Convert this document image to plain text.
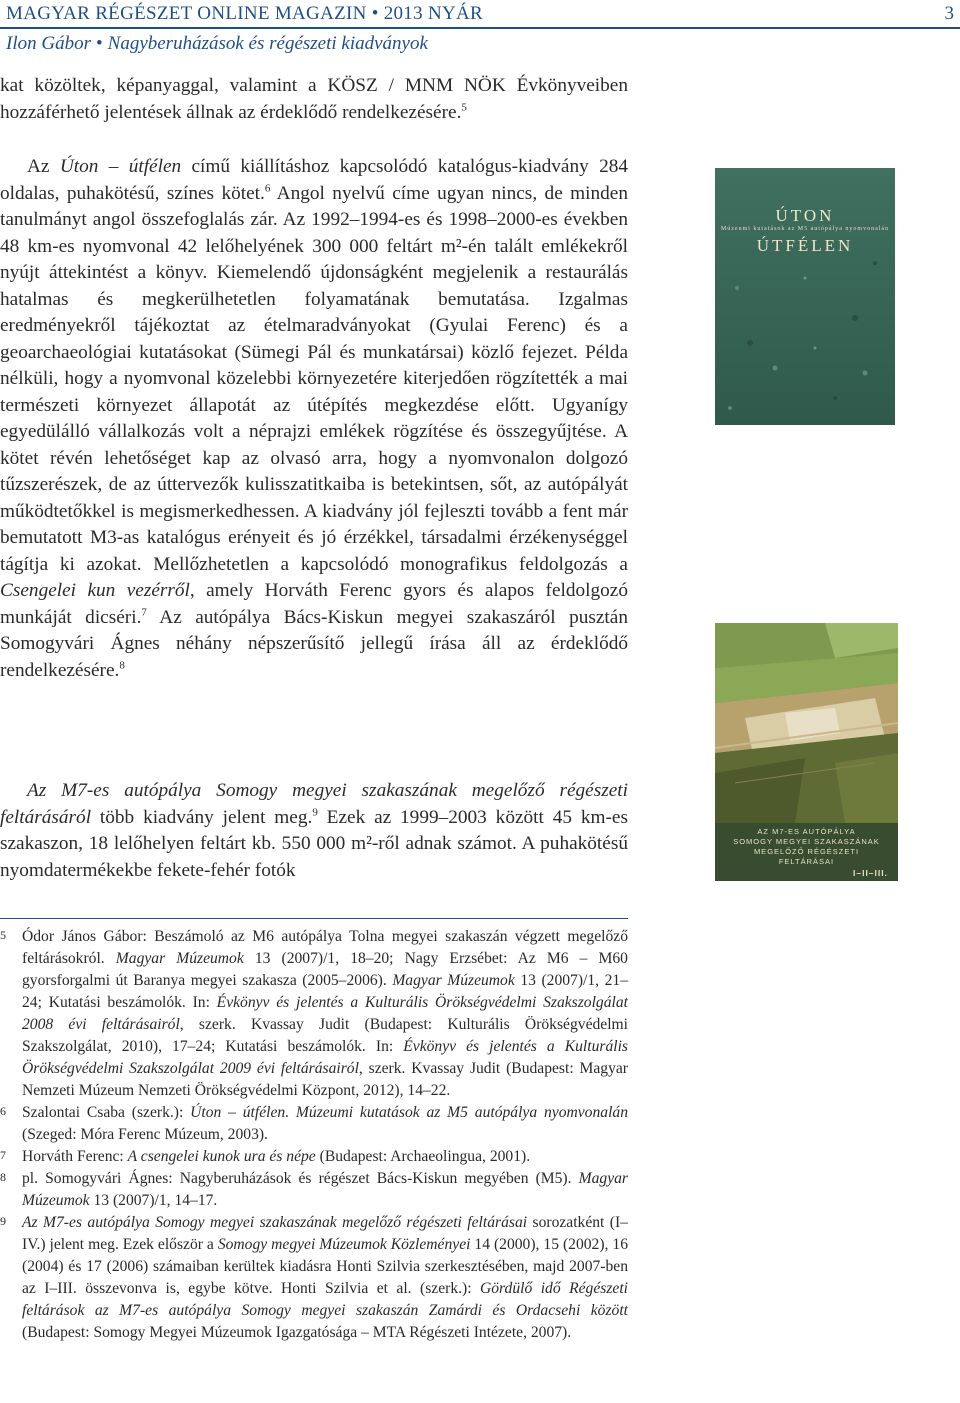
MAGYAR RÉGÉSZET ONLINE MAGAZIN • 2013 NYÁR	3
Ilon Gábor • Nagyberuházások és régészeti kiadványok

kat közöltek, képanyaggal, valamint a KÖSZ / MNM NÖK Évkönyveiben hozzáférhető jelentések állnak az érdeklődő rendelkezésére.$^5$

Az Úton – útfélen című kiállításhoz kapcsolódó katalógus-kiadvány 284 oldalas, puhakötésű, színes kötet.$^6$ Angol nyelvű címe ugyan nincs, de minden tanulmányt angol összefoglalás zár. Az 1992–1994-es és 1998–2000-es években 48 km-es nyomvonal 42 lelőhelyének 300 000 feltárt m²-én talált emlékekről nyújt áttekintést a könyv. Kiemelendő újdonságként megjelenik a restaurálás hatalmas és megkerülhetetlen folyamatának bemutatása. Izgalmas eredményekről tájékoztat az ételmaradványokat (Gyulai Ferenc) és a geoarchaeológiai kutatásokat (Sümegi Pál és munkatársai) közlő fejezet. Példa nélküli, hogy a nyomvonal közelebbi környezetére kiterjedően rögzítették a mai természeti környezet állapotát az útépítés megkezdése előtt. Ugyanígy egyedülálló vállalkozás volt a néprajzi emlékek rögzítése és összegyűjtése. A kötet révén lehetőséget kap az olvasó arra, hogy a nyomvonalon dolgozó tűzszerészek, de az úttervezők kulisszatitkaiba is betekintsen, sőt, az autópályát működtetőkkel is megismerkedhessen. A kiadvány jól fejleszti tovább a fent már bemutatott M3-as katalógus erényeit és jó érzékkel, társadalmi érzékenységgel tágítja ki azokat. Mellőzhetetlen a kapcsolódó monografikus feldolgozás a Csengelei kun vezérről, amely Horváth Ferenc gyors és alapos feldolgozó munkáját dicséri.$^7$ Az autópálya Bács-Kiskun megyei szakaszáról pusztán Somogyvári Ágnes néhány népszerűsítő jellegű írása áll az érdeklődő rendelkezésére.$^8$

Az M7-es autópálya Somogy megyei szakaszának megelőző régészeti feltárásáról több kiadvány jelent meg.$^9$ Ezek az 1999–2003 között 45 km-es szakaszon, 18 lelőhelyen feltárt kb. 550 000 m²-ről adnak számot. A puhakötésű nyomdatermékekbe fekete-fehér fotók

5 Ódor János Gábor: Beszámoló az M6 autópálya Tolna megyei szakaszán végzett megelőző feltárásokról. Magyar Múzeumok 13 (2007)/1, 18–20; Nagy Erzsébet: Az M6 – M60 gyorsforgalmi út Baranya megyei szakasza (2005–2006). Magyar Múzeumok 13 (2007)/1, 21–24; Kutatási beszámolók. In: Évkönyv és jelentés a Kulturális Örökségvédelmi Szakszolgálat 2008 évi feltárásairól, szerk. Kvassay Judit (Budapest: Kulturális Örökségvédelmi Szakszolgálat, 2010), 17–24; Kutatási beszámolók. In: Évkönyv és jelentés a Kulturális Örökségvédelmi Szakszolgálat 2009 évi feltárásairól, szerk. Kvassay Judit (Budapest: Magyar Nemzeti Múzeum Nemzeti Örökségvédelmi Központ, 2012), 14–22.
6 Szalontai Csaba (szerk.): Úton – útfélen. Múzeumi kutatások az M5 autópálya nyomvonalán (Szeged: Móra Ferenc Múzeum, 2003).
7 Horváth Ferenc: A csengelei kunok ura és népe (Budapest: Archaeolingua, 2001).
8 pl. Somogyvári Ágnes: Nagyberuházások és régészet Bács-Kiskun megyében (M5). Magyar Múzeumok 13 (2007)/1, 14–17.
9 Az M7-es autópálya Somogy megyei szakaszának megelőző régészeti feltárásai sorozatként (I–IV.) jelent meg. Ezek először a Somogy megyei Múzeumok Közleményei 14 (2000), 15 (2002), 16 (2004) és 17 (2006) számaiban kerültek kiadásra Honti Szilvia szerkesztésében, majd 2007-ben az I–III. összevonva is, egybe kötve. Honti Szilvia et al. (szerk.): Gördülő idő Régészeti feltárások az M7-es autópálya Somogy megyei szakaszán Zamárdi és Ordacsehi között (Budapest: Somogy Megyei Múzeumok Igazgatósága – MTA Régészeti Intézete, 2007).
ÚTON
Múzeumi kutatások az M5 autópálya nyomvonalán
ÚTFÉLEN
AZ M7-ES AUTÓPÁLYA
SOMOGY MEGYEI SZAKASZÁNAK
MEGELŐZŐ RÉGÉSZETI
FELTÁRÁSAI
I–II–III.
